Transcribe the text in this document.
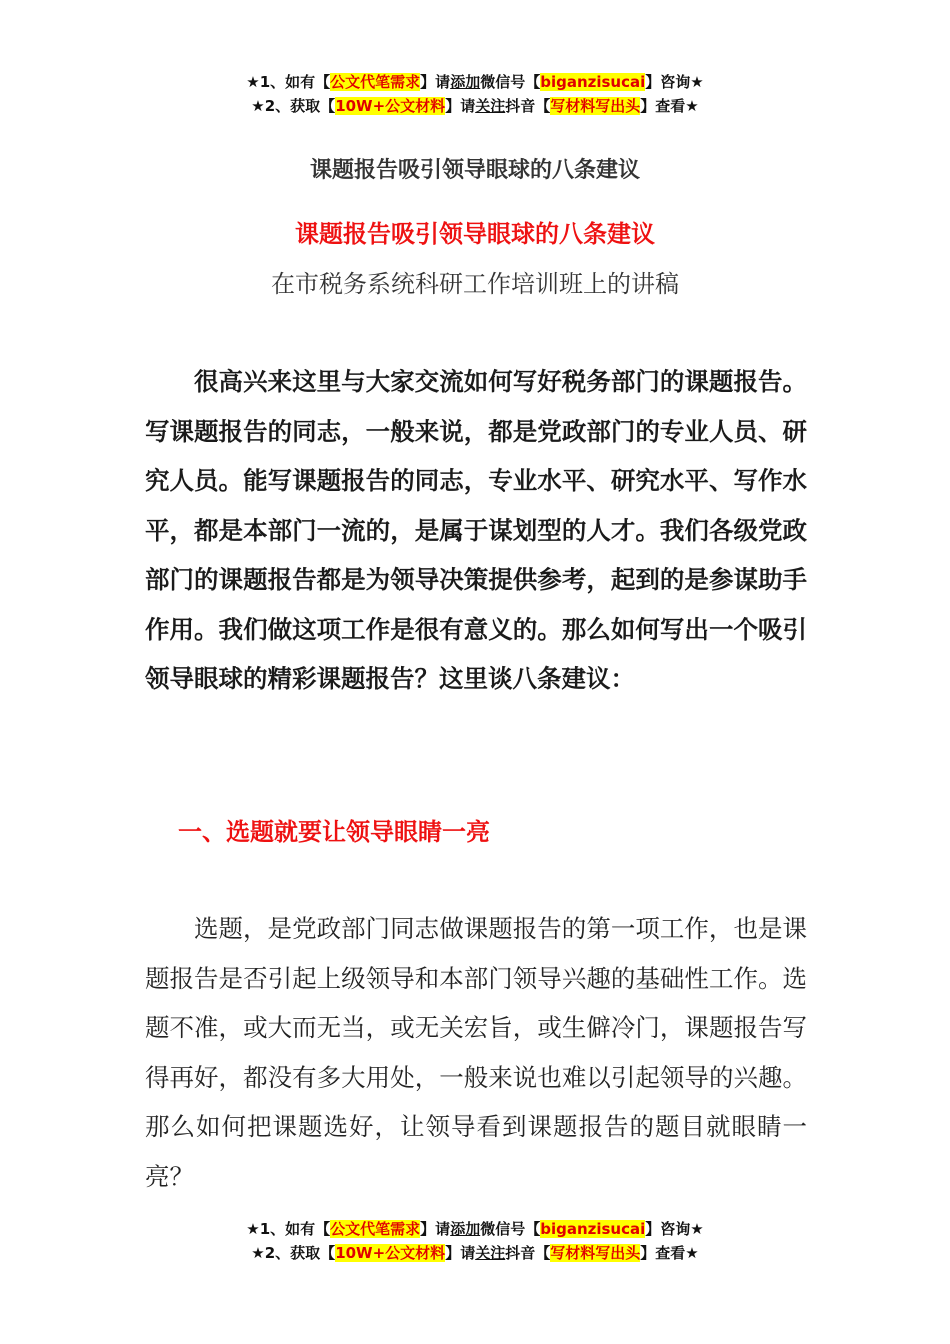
★1、如有【公文代笔需求】请添加微信号【biganzisucai】咨询★
★2、获取【10W+公文材料】请关注抖音【写材料写出头】查看★
课题报告吸引领导眼球的八条建议
课题报告吸引领导眼球的八条建议

在市税务系统科研工作培训班上的讲稿

很高兴来这里与大家交流如何写好税务部门的课题报告。写课题报告的同志，一般来说，都是党政部门的专业人员、研究人员。能写课题报告的同志，专业水平、研究水平、写作水平，都是本部门一流的，是属于谋划型的人才。我们各级党政部门的课题报告都是为领导决策提供参考，起到的是参谋助手作用。我们做这项工作是很有意义的。那么如何写出一个吸引领导眼球的精彩课题报告？这里谈八条建议：

一、选题就要让领导眼睛一亮

选题，是党政部门同志做课题报告的第一项工作，也是课题报告是否引起上级领导和本部门领导兴趣的基础性工作。选题不准，或大而无当，或无关宏旨，或生僻冷门，课题报告写得再好，都没有多大用处，一般来说也难以引起领导的兴趣。那么如何把课题选好，让领导看到课题报告的题目就眼睛一亮？

★1、如有【公文代笔需求】请添加微信号【biganzisucai】咨询★
★2、获取【10W+公文材料】请关注抖音【写材料写出头】查看★
